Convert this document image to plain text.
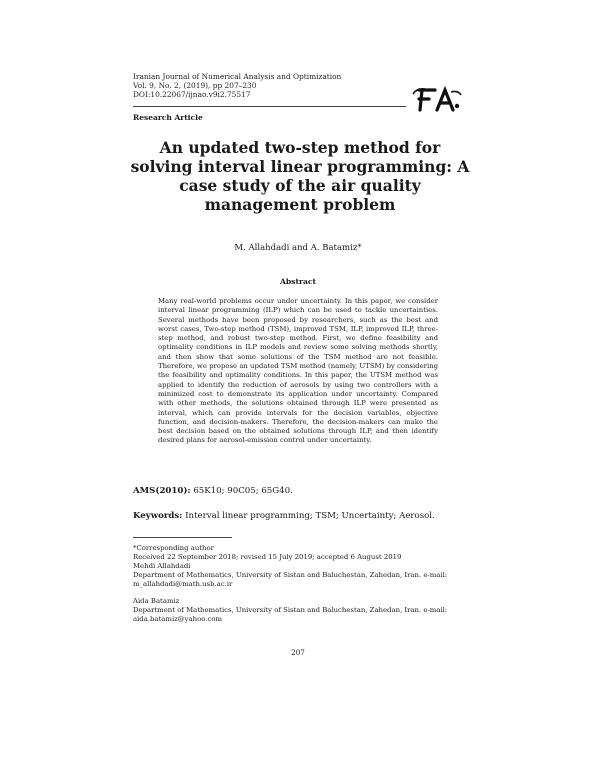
Iranian Journal of Numerical Analysis and Optimization
Vol. 9, No. 2, (2019), pp 207–230
DOI:10.22067/ijnao.v9i2.75517
Research Article
An updated two-step method for
solving interval linear programming: A
case study of the air quality
management problem
M. Allahdadi and A. Batamiz*
Abstract
Many real-world problems occur under uncertainty. In this paper, we consider interval linear programming (ILP) which can be used to tackle uncertainties. Several methods have been proposed by researchers, such as the best and worst cases, Two-step method (TSM), improved TSM, ILP, improved ILP, three-step method, and robust two-step method. First, we define feasibility and optimality conditions in ILP models and review some solving methods shortly, and then show that some solutions of the TSM method are not feasible. Therefore, we propose an updated TSM method (namely, UTSM) by considering the feasibility and optimality conditions. In this paper, the UTSM method was applied to identify the reduction of aerosols by using two controllers with a minimized cost to demonstrate its application under uncertainty. Compared with other methods, the solutions obtained through ILP were presented as interval, which can provide intervals for the decision variables, objective function, and decision-makers. Therefore, the decision-makers can make the best decision based on the obtained solutions through ILP, and then identify desired plans for aerosol-emission control under uncertainty.
AMS(2010): 65K10; 90C05; 65G40.
Keywords: Interval linear programming; TSM; Uncertainty; Aerosol.
*Corresponding author
Received 22 September 2018; revised 15 July 2019; accepted 6 August 2019
Mehdi Allahdadi
Department of Mathematics, University of Sistan and Baluchestan, Zahedan, Iran. e-mail:
m_allahdadi@math.usb.ac.ir
Aida Batamiz
Department of Mathematics, University of Sistan and Baluchestan, Zahedan, Iran. e-mail:
aida.batamiz@yahoo.com
207
